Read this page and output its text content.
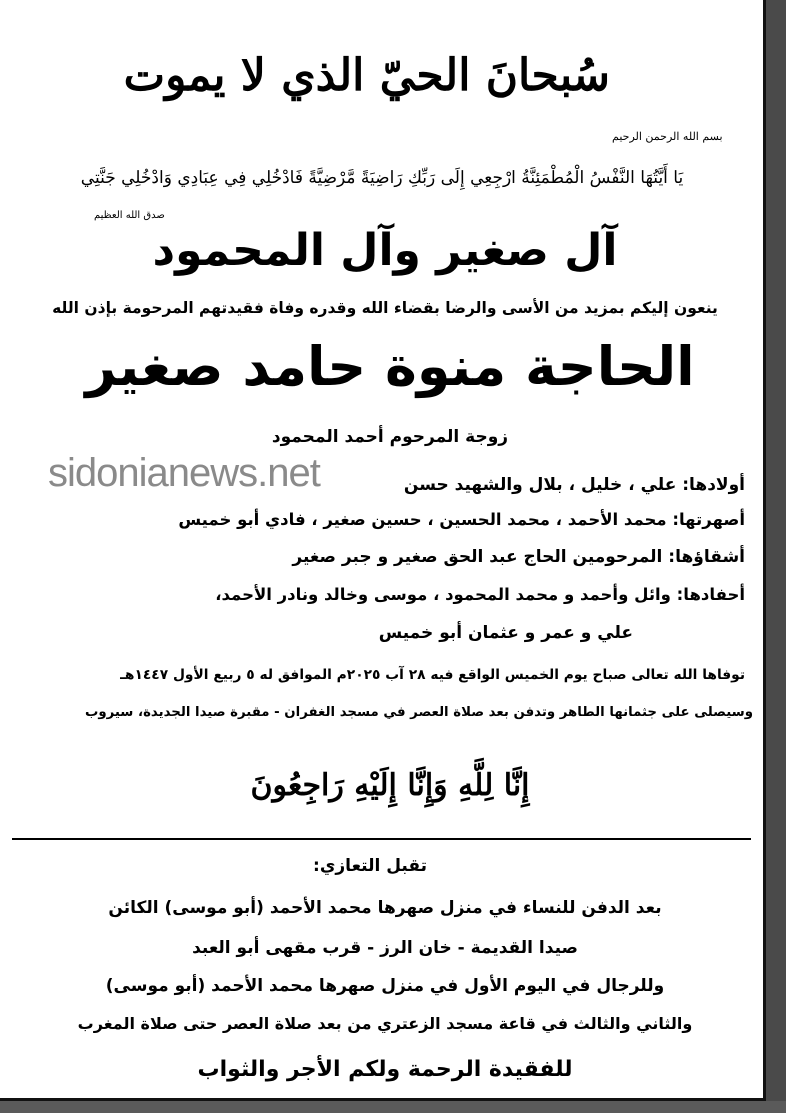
سُبحانَ الحيّ الذي لا يموت
بسم الله الرحمن الرحيم
يَا أَيَّتُهَا النَّفْسُ الْمُطْمَئِنَّةُ ارْجِعِي إِلَى رَبِّكِ رَاضِيَةً مَّرْضِيَّةً فَادْخُلِي فِي عِبَادِي وَادْخُلِي جَنَّتِي
صدق الله العظيم
آل صغير وآل المحمود
ينعون إليكم بمزيد من الأسى والرضا بقضاء الله وقدره وفاة فقيدتهم المرحومة بإذن الله
الحاجة منوة حامد صغير
زوجة المرحوم أحمد المحمود
sidonianews.net	أولادها: علي ، خليل ، بلال والشهيد حسن
أصهرتها: محمد الأحمد ، محمد الحسين ، حسين صغير ، فادي أبو خميس
أشقاؤها: المرحومين الحاج عبد الحق صغير و جبر صغير
أحفادها: وائل وأحمد و محمد المحمود ، موسى وخالد ونادر الأحمد،
علي و عمر و عثمان أبو خميس
توفاها الله تعالى صباح يوم الخميس الواقع فيه ٢٨ آب ٢٠٢٥م الموافق له ٥ ربيع الأول ١٤٤٧هـ
وسيصلى على جثمانها الطاهر وتدفن بعد صلاة العصر في مسجد الغفران - مقبرة صيدا الجديدة، سيروب
إِنَّا لِلَّهِ وَإِنَّا إِلَيْهِ رَاجِعُونَ
تقبل التعازي:
بعد الدفن للنساء في منزل صهرها محمد الأحمد (أبو موسى) الكائن
صيدا القديمة - خان الرز - قرب مقهى أبو العبد
وللرجال في اليوم الأول في منزل صهرها محمد الأحمد (أبو موسى)
والثاني والثالث في قاعة مسجد الزعتري من بعد صلاة العصر حتى صلاة المغرب
للفقيدة الرحمة ولكم الأجر والثواب
